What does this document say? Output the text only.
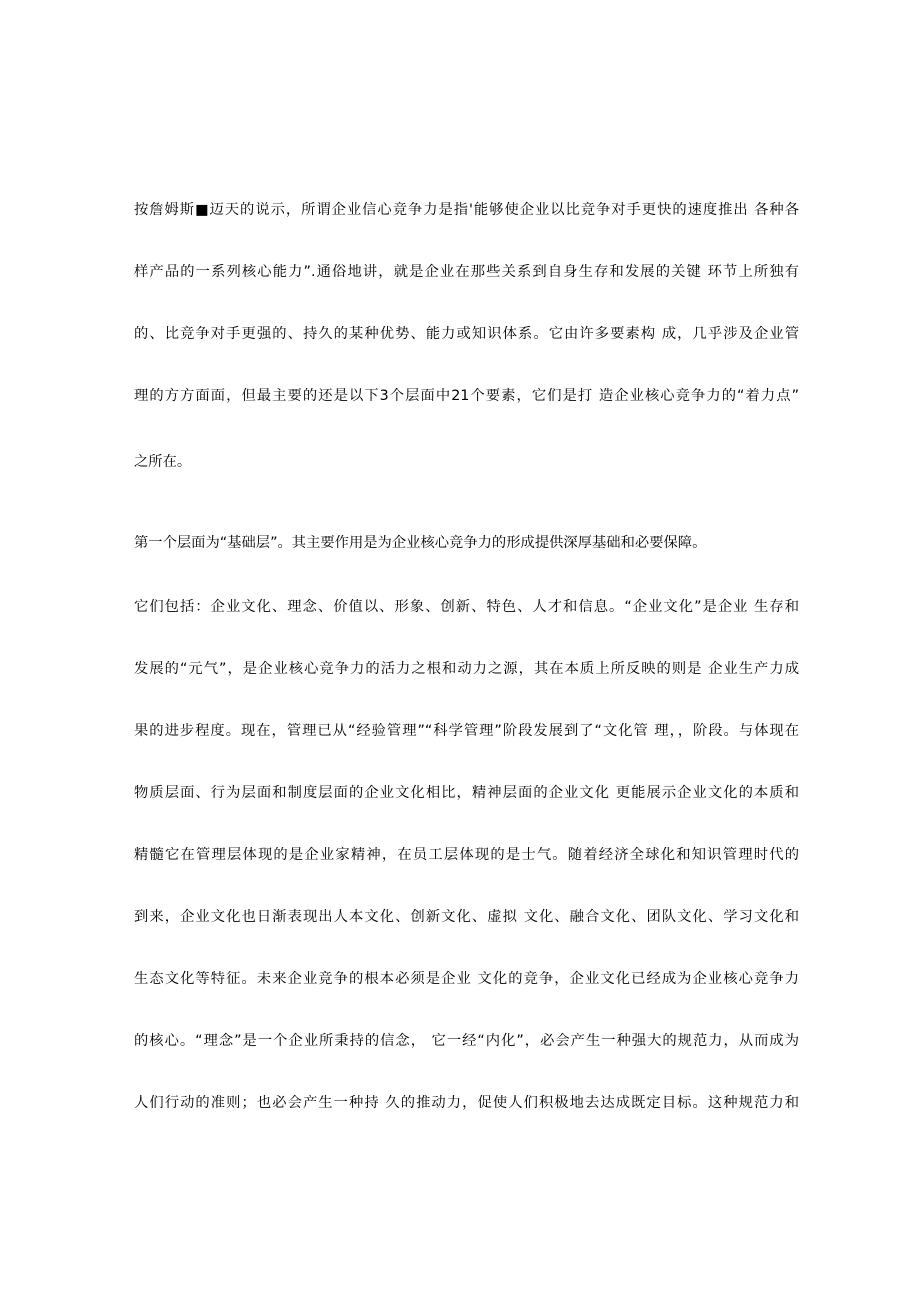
按詹姆斯■迈天的说示，所谓企业信心竞争力是指'能够使企业以比竞争对手更快的速度推出 各种各
样产品的一系列核心能力”.通俗地讲，就是企业在那些关系到自身生存和发展的关键 环节上所独有
的、比竞争对手更强的、持久的某种优势、能力或知识体系。它由许多要素构 成，几乎涉及企业管
理的方方面面，但最主要的还是以下3个层面中21个要素，它们是打 造企业核心竞争力的“着力点”
之所在。
第一个层面为“基础层”。其主要作用是为企业核心竞争力的形成提供深厚基础和必要保障。
它们包括：企业文化、理念、价值以、形象、创新、特色、人才和信息。“企业文化”是企业 生存和
发展的“元气”，是企业核心竞争力的活力之根和动力之源，其在本质上所反映的则是 企业生产力成
果的进步程度。现在，管理已从“经验管理”“科学管理”阶段发展到了“文化管 理，，阶段。与体现在
物质层面、行为层面和制度层面的企业文化相比，精神层面的企业文化 更能展示企业文化的本质和
精髓它在管理层体现的是企业家精神，在员工层体现的是士气。随着经济全球化和知识管理时代的
到来，企业文化也日渐表现出人本文化、创新文化、虚拟 文化、融合文化、团队文化、学习文化和
生态文化等特征。未来企业竞争的根本必须是企业 文化的竞争，企业文化已经成为企业核心竞争力
的核心。“理念”是一个企业所秉持的信念， 它一经“内化”，必会产生一种强大的规范力，从而成为
人们行动的准则；也必会产生一种持 久的推动力，促使人们积极地去达成既定目标。这种规范力和
